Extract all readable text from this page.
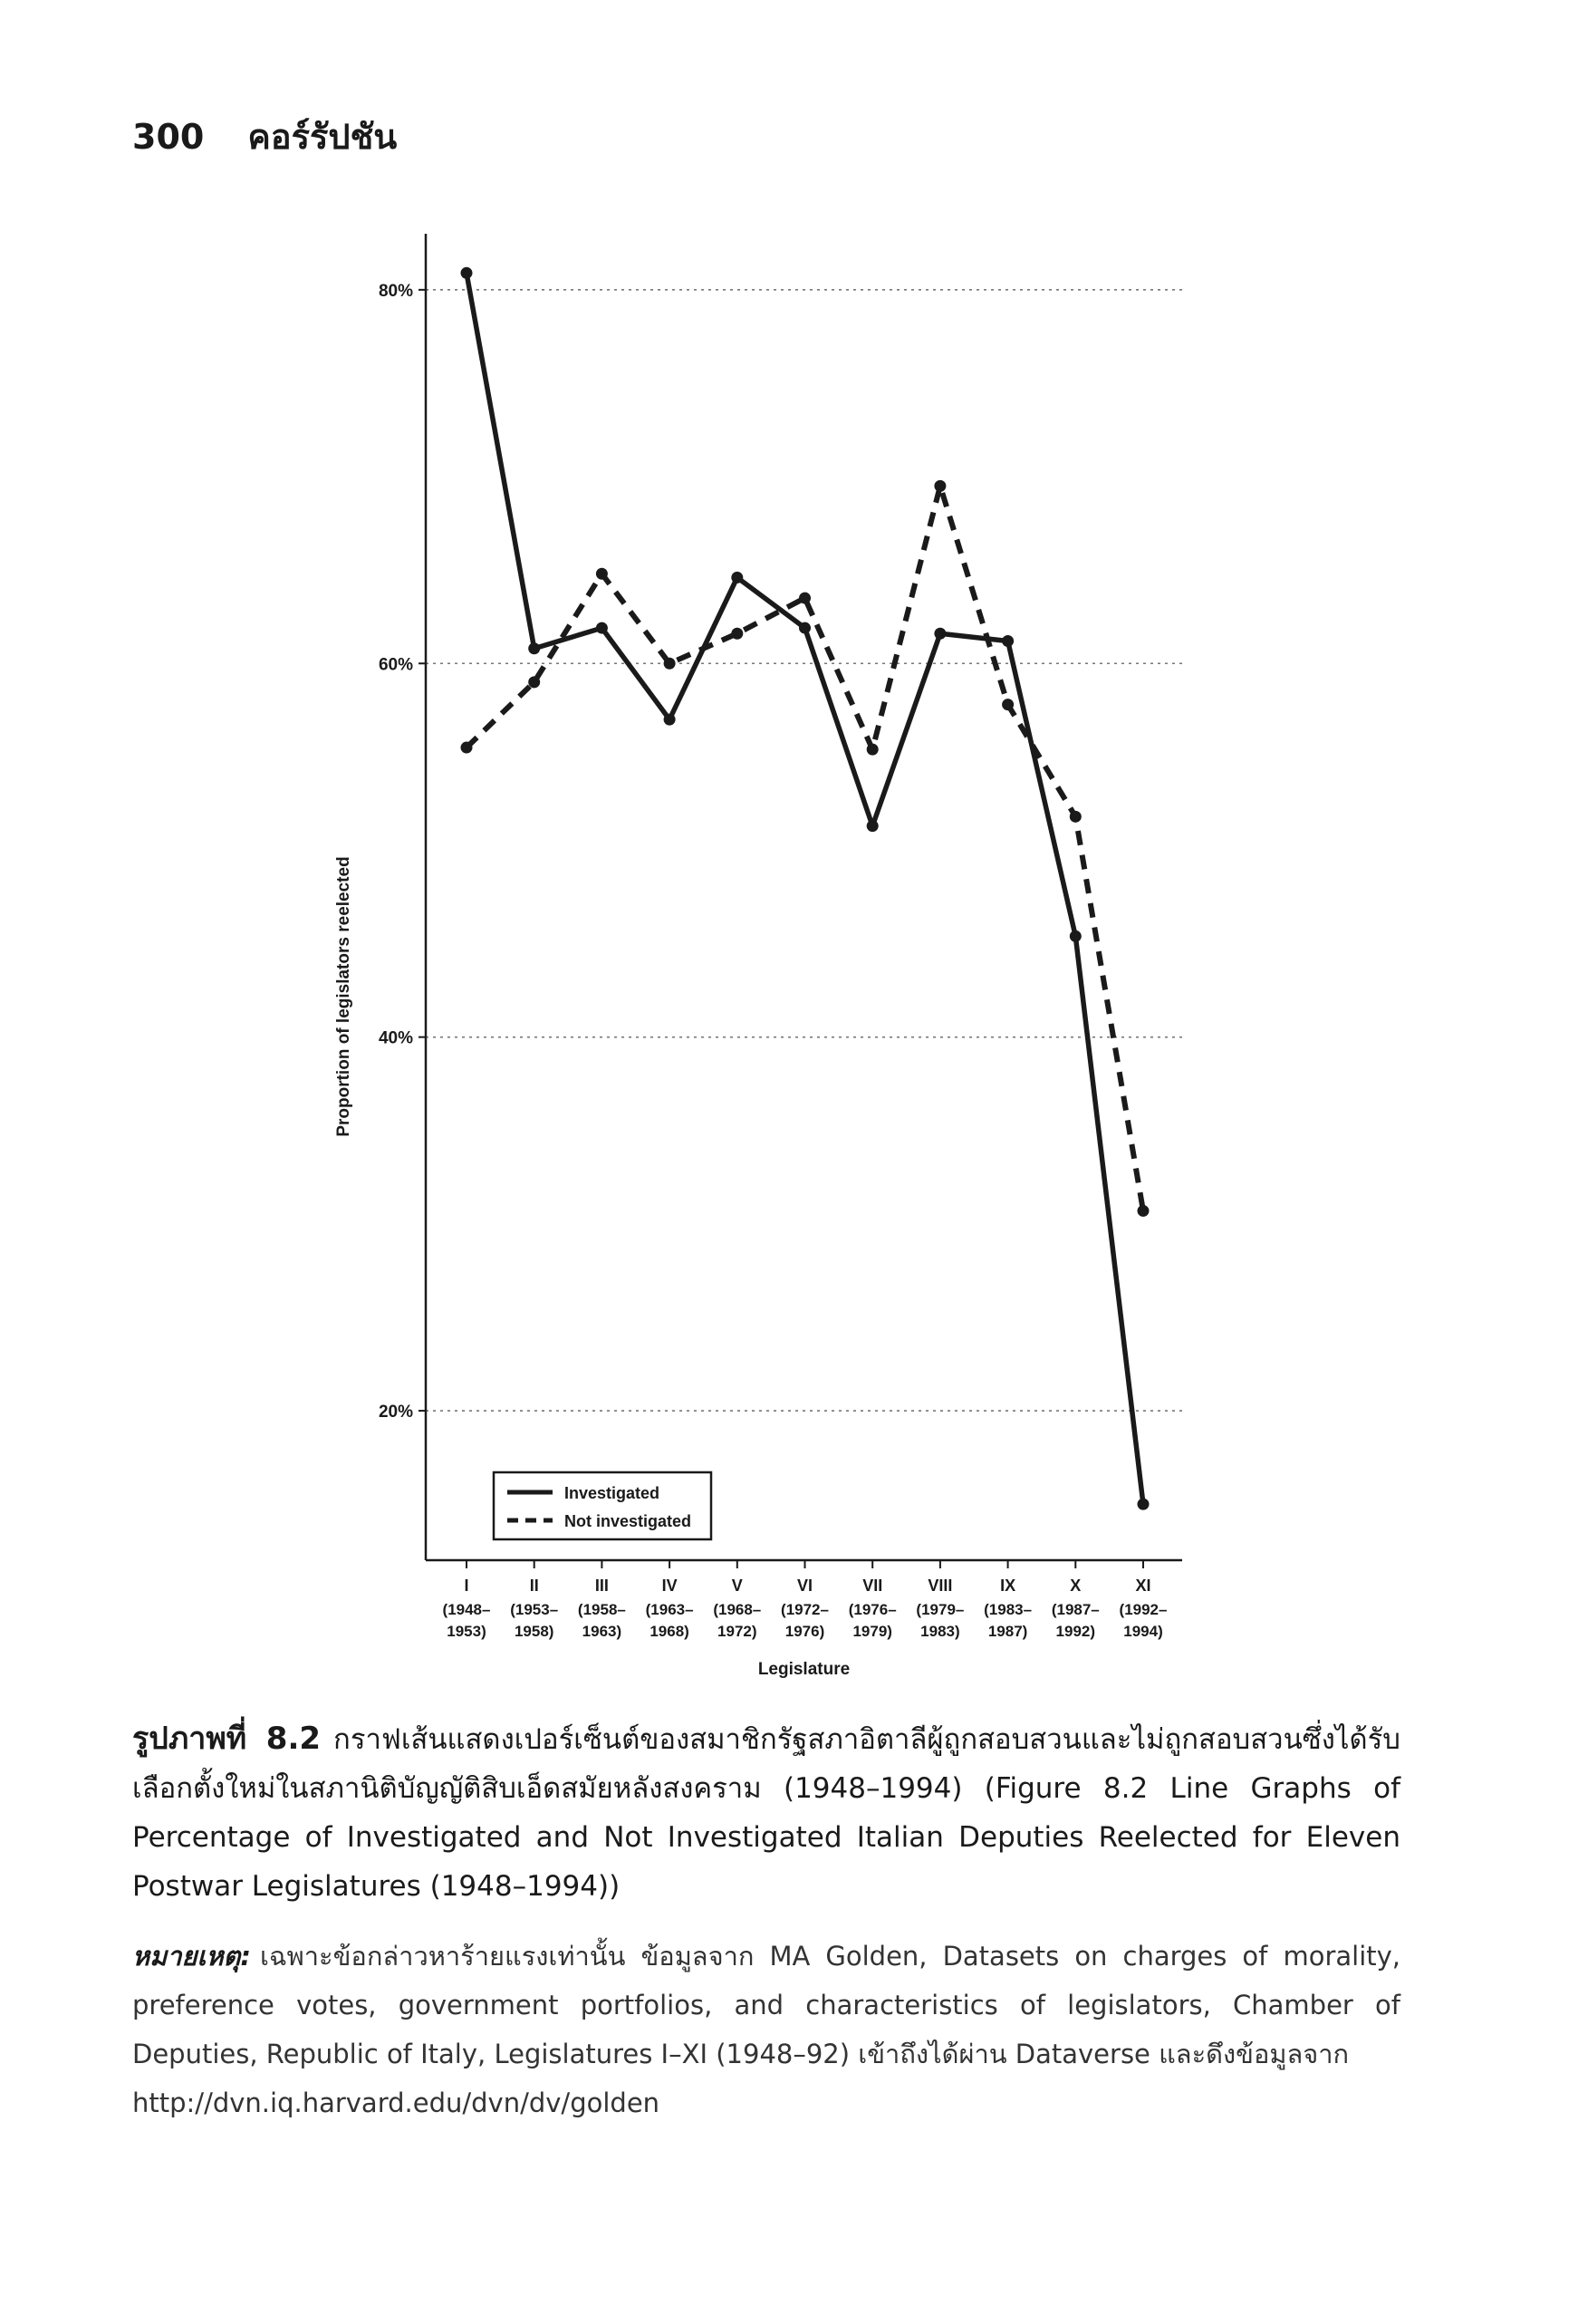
300 คอร์รัปชัน
20%
40%
60%
80%
I
(1948–
1953)
II
(1953–
1958)
III
(1958–
1963)
IV
(1963–
1968)
V
(1968–
1972)
VI
(1972–
1976)
VII
(1976–
1979)
VIII
(1979–
1983)
IX
(1983–
1987)
X
(1987–
1992)
XI
(1992–
1994)
Legislature
Proportion of legislators reelected
Investigated
Not investigated
รูปภาพที่ 8.2 กราฟเส้นแสดงเปอร์เซ็นต์ของสมาชิกรัฐสภาอิตาลีผู้ถูกสอบสวนและไม่ถูกสอบสวนซึ่งได้รับเลือกตั้งใหม่ในสภานิติบัญญัติสิบเอ็ดสมัยหลังสงคราม (1948–1994) (Figure 8.2 Line Graphs of Percentage of Investigated and Not Investigated Italian Deputies Reelected for Eleven Postwar Legislatures (1948–1994))
หมายเหตุ: เฉพาะข้อกล่าวหาร้ายแรงเท่านั้น ข้อมูลจาก MA Golden, Datasets on charges of morality, preference votes, government portfolios, and characteristics of legislators, Chamber of Deputies, Republic of Italy, Legislatures I–XI (1948–92) เข้าถึงได้ผ่าน Dataverse และดึงข้อมูลจาก
http://dvn.iq.harvard.edu/dvn/dv/golden
